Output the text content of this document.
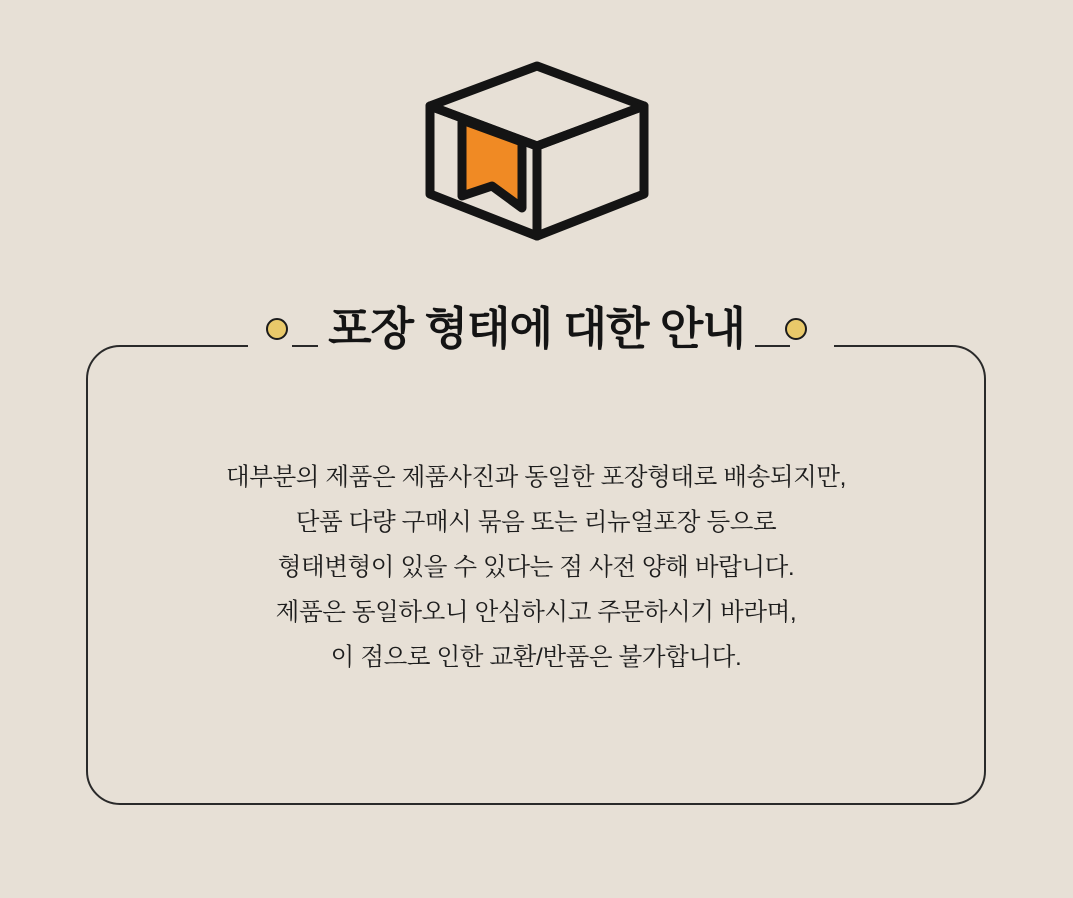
포장 형태에 대한 안내
대부분의 제품은 제품사진과 동일한 포장형태로 배송되지만,
단품 다량 구매시 묶음 또는 리뉴얼포장 등으로
형태변형이 있을 수 있다는 점 사전 양해 바랍니다.
제품은 동일하오니 안심하시고 주문하시기 바라며,
이 점으로 인한 교환/반품은 불가합니다.
